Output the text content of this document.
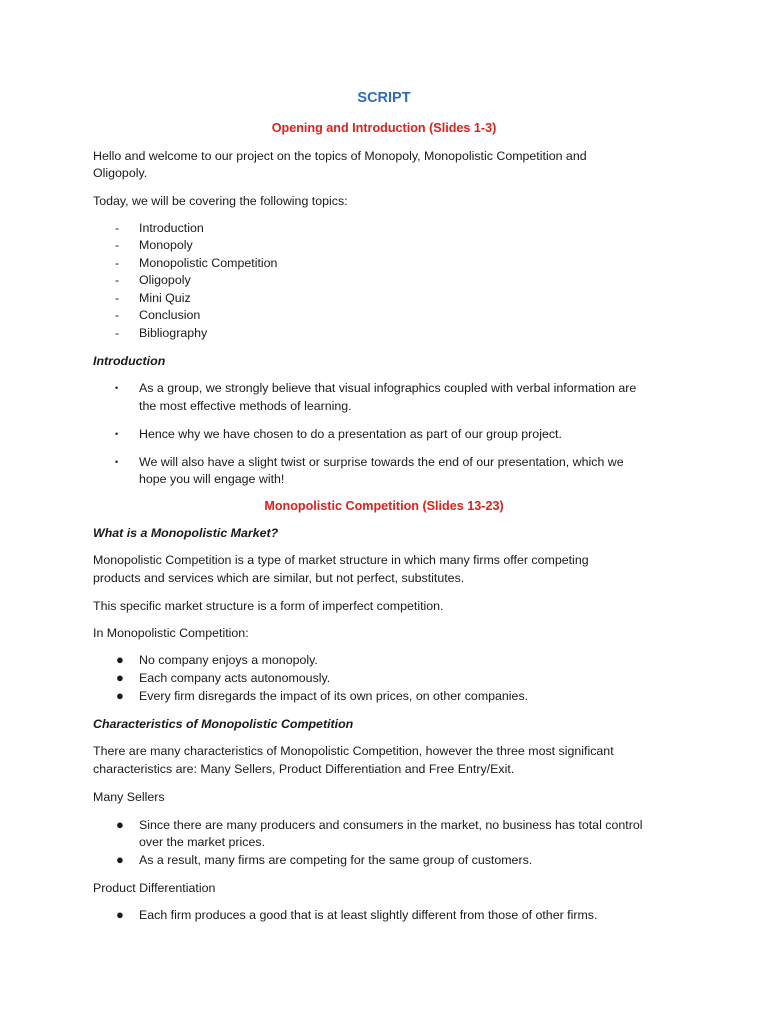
SCRIPT
Opening and Introduction (Slides 1-3)
Hello and welcome to our project on the topics of Monopoly, Monopolistic Competition and
Oligopoly.
Today, we will be covering the following topics:
- Introduction
- Monopoly
- Monopolistic Competition
- Oligopoly
- Mini Quiz
- Conclusion
- Bibliography
Introduction
• As a group, we strongly believe that visual infographics coupled with verbal information are
the most effective methods of learning.
• Hence why we have chosen to do a presentation as part of our group project.
• We will also have a slight twist or surprise towards the end of our presentation, which we
hope you will engage with!
Monopolistic Competition (Slides 13-23)
What is a Monopolistic Market?
Monopolistic Competition is a type of market structure in which many firms offer competing
products and services which are similar, but not perfect, substitutes.
This specific market structure is a form of imperfect competition.
In Monopolistic Competition:
● No company enjoys a monopoly.
● Each company acts autonomously.
● Every firm disregards the impact of its own prices, on other companies.
Characteristics of Monopolistic Competition
There are many characteristics of Monopolistic Competition, however the three most significant
characteristics are: Many Sellers, Product Differentiation and Free Entry/Exit.
Many Sellers
● Since there are many producers and consumers in the market, no business has total control
over the market prices.
● As a result, many firms are competing for the same group of customers.
Product Differentiation
● Each firm produces a good that is at least slightly different from those of other firms.
